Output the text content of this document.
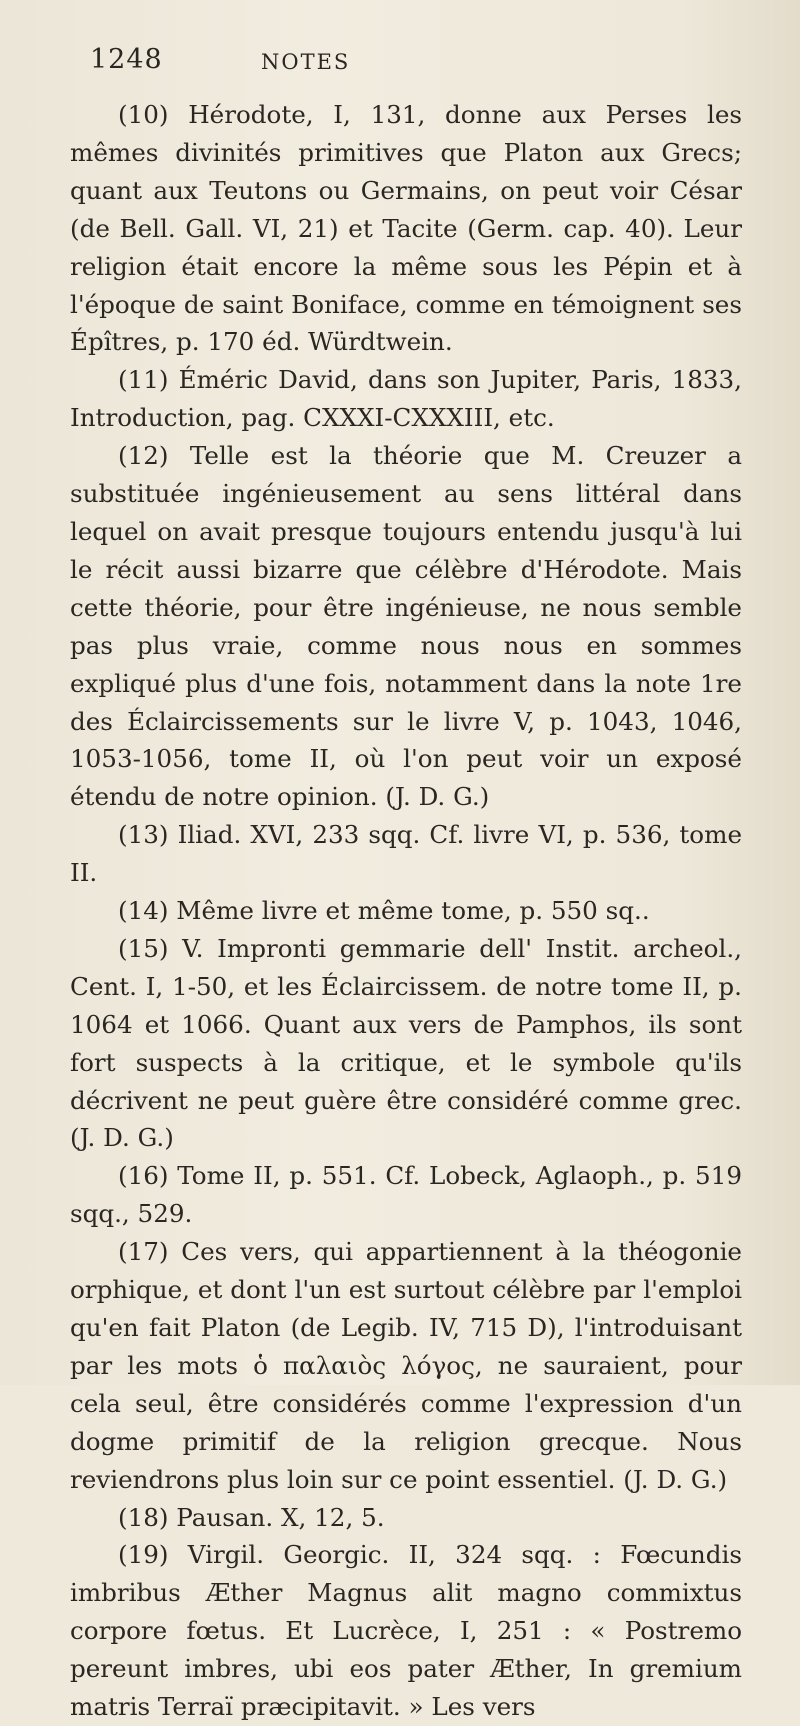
1248	NOTES

(10) Hérodote, I, 131, donne aux Perses les mêmes divinités primitives que Platon aux Grecs; quant aux Teutons ou Germains, on peut voir César (de Bell. Gall. VI, 21) et Tacite (Germ. cap. 40). Leur religion était encore la même sous les Pépin et à l'époque de saint Boniface, comme en témoignent ses Épîtres, p. 170 éd. Würdtwein.

(11) Éméric David, dans son Jupiter, Paris, 1833, Introduction, pag. CXXXI-CXXXIII, etc.

(12) Telle est la théorie que M. Creuzer a substituée ingénieusement au sens littéral dans lequel on avait presque toujours entendu jusqu'à lui le récit aussi bizarre que célèbre d'Hérodote. Mais cette théorie, pour être ingénieuse, ne nous semble pas plus vraie, comme nous nous en sommes expliqué plus d'une fois, notamment dans la note 1re des Éclaircissements sur le livre V, p. 1043, 1046, 1053-1056, tome II, où l'on peut voir un exposé étendu de notre opinion. (J. D. G.)

(13) Iliad. XVI, 233 sqq. Cf. livre VI, p. 536, tome II.

(14) Même livre et même tome, p. 550 sq..

(15) V. Impronti gemmarie dell' Instit. archeol., Cent. I, 1-50, et les Éclaircissem. de notre tome II, p. 1064 et 1066. Quant aux vers de Pamphos, ils sont fort suspects à la critique, et le symbole qu'ils décrivent ne peut guère être considéré comme grec. (J. D. G.)

(16) Tome II, p. 551. Cf. Lobeck, Aglaoph., p. 519 sqq., 529.

(17) Ces vers, qui appartiennent à la théogonie orphique, et dont l'un est surtout célèbre par l'emploi qu'en fait Platon (de Legib. IV, 715 D), l'introduisant par les mots ὁ παλαιὸς λόγος, ne sauraient, pour cela seul, être considérés comme l'expression d'un dogme primitif de la religion grecque. Nous reviendrons plus loin sur ce point essentiel. (J. D. G.)

(18) Pausan. X, 12, 5.

(19) Virgil. Georgic. II, 324 sqq. : Fœcundis imbribus Æther Magnus alit magno commixtus corpore fœtus. Et Lucrèce, I, 251 : « Postremo pereunt imbres, ubi eos pater Æther, In gremium matris Terraï præcipitavit. » Les vers
